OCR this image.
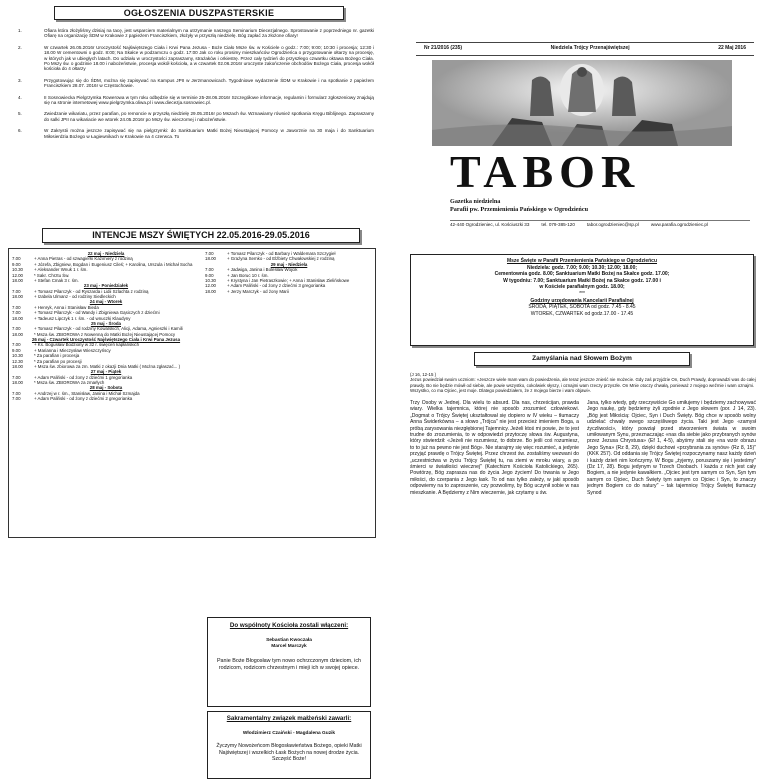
OGŁOSZENIA DUSZPASTERSKIE
1.	Ofiara która złożyliśmy dzisiaj na tacę, jest wsparciem materialnym na utrzymanie naszego Seminarium Diecezjalnego. Sprostowanie z poprzedniego nr. gazetki Ofiarę na organizację ŚDM w Krakowie z pąpieżem Franciszkiem, złożyły w przyszłą niedzielę. Bóg zapłać za złożone ofiary!
2.	W czwartek 26.05.2016r Uroczystość Najświętszego Ciała i Krwi Pana Jezusa - Boże Ciało Msze św. w Kościele o godz.: 7:00; 9:00; 10:30 i procesja; 12:30 i 18.00 W cementowni o godz. 8:00; Na Skałce w podzamczu o godz. 17:00 Jak co roku prosimy mieszkańców Ogrodzieńca o przygotowanie ołtarzy na procesję, w których jak w ubiegłych latach. Do udziału w uroczystości zapraszamy, strażaków i orkiestrę. Przez cały tydzień do przyszłego czwartku oktawa Bożego Ciała. Po Mszy św. o godzinie 18.00 i nabożeństwie, procesja wokół kościoła, a w czwartek 02.06.2016r uroczyste zakończenie obchodów Bożego Ciała, procesja wokół kościoła do 4 ołtarzy
3.	Przygotowując się do ŚDM, można się zapisywać na Kampus JPII w Jerzmanowicach. Tygodniowe wydarzenie ŚDM w Krakowie i na spotkanie z papieżem Franciszkiem 28.07. 2016r w Częstochowie.
4.	II Sosnowiecka Pielgrzymka Rowerowa w tym roku odbędzie się w terminie 25-28.06.2016r Szczegółowe informacje, regulamin i formularz zgłoszeniowy znajdują się na stronie internetowej www.pielgrzymka.oliwa.pl i www.diecezja.sosnowiec.pl.
5.	Zwiedzanie wikariatu, przez parafian, po remoncie w przyszłą niedzielę 29.05.2016r po Mszach św. Wznawiamy również spotkania Kręgu Biblijnego. Zapraszamy do salki JPII na wikariacie we wtorek 24.05.2016r po Mszy św. wieczornej i nabożeństwie.
6.	W Zakrystii można jeszcze zapisywać się na pielgrzymki: do Sanktuarium Matki Bożej Nieustającej Pomocy w Jaworznie na 30 maja i do Sanktuarium Miłosierdzia Bożego w Łagiewnikach w Krakowie na 4 czerwca. To
INTENCJE MSZY ŚWIĘTYCH 22.05.2016-29.05.2016
22 maj - Niedziela
7.00	+ Anna Pietras - od szwagierki Kazimiery z rodziną
9.00	+ Józefa, Zbigniew, Bogdan i Eugeniusz Cileś; + Karolina, Urszula i Michał Socha
10.30	+ Aleksander Wnuk 1 r. śm.
12.00	* Sakr. Chrztu Św.
18.00	+ Stefan Cmak 3 r. śm.
23 maj - Poniedziałek
7.00	+ Tomasz Pilarczyk - od Ryszarda i Lidii Szlachta z rodziną
18.00	+ Izabela Ulmanz - od rodziny Siedleckich
24 maj - Wtorek
7.00	+ Henryk, Anna i Stanisław Bieda
7.00	+ Tomasz Pilarczyk - od Wandy i Zbigniewa Gąsiczych z dziećmi
18.00	+ Tadeusz Lipczyk 1 r. śm. - od wnuczki Klaudyny
25 maj - Środa
7.00	+ Tomasz Pilarczyk - od rodziny Kowalskich, Alicji, Adama, Agnieszki i Kamili
18.00	* Msza św. ZBIOROWA z Nowenną do Matki Bożej Nieustającej Pomocy
26 maj - Czwartek Uroczystość Najświętszego Ciała i Krwi Pana Jezusa
7.00	+ Ks. Bogusław Bodziony w 32 r. święceń kapłańskich
9.00	+ Marianna i Mieczysław Wieszczyńscy
10.30	* Za parafian i procesja
12.30	* Za parafian po procesji
18.00	+ Msza św. zbiorowa za zm. Matki z okazji Dnia Matki ( Można zgłaszać... )
27 maj - Piątek
7.00	+ Adam Paliński - od żony z dziećmi 1 gregorianka
18.00	* Msza św. ZBIOROWA za zmarłych
28 maj - Sobota
7.00	+ Andrzej w r. śm., Stanisław, Janina i Michał Szmajda
7.00	+ Adam Paliński - od żony z dziećmi 2 gregorianka
7.00	+ Tomasz Pilarczyk - od Barbary i Waldemara Szczygieł
18.00	+ Grażyna Semko - od Elżbiety Chwałowskiej z rodziną
29 maj - Niedziela
7.00	+ Jadwiga, Janina i Bolesław Wójcik
9.00	+ Jan Boruc 10 r. śm.
10.30	+ Krystyna i Jan Pietraszkowie; + Anna i Stanisław Zielińskowe
12.00	+ Adam Paliński - od żony z dziećmi 3 gregorianka
18.00	+ Jerzy Marczyk - od żony Marii
Do wspólnoty Kościoła zostali włączeni:
Sebastian Kwoczała
Marcel Marczyk
Panie Boże Błogosław tym nowo ochrzczonym dzieciom, ich rodzicom, rodzicom chrzestnym i mieji ich w swojej opiece.
Sakramentalny związek małżeński zawarli:
Włodzimierz Czaiński - Magdalena Guzik
Życzymy Nowożeńcom Błogosławieństwa Bożego, opieki Matki Najświętszej i wszelkich Łask Bożych na nowej drodze życia. Szczęść Boże!
Nr 21/2016 (235)	Niedziela Trójcy Przenajświętszej	22 Maj 2016
TABOR
Gazetka niedzielna
Parafii pw. Przemienienia Pańskiego w Ogrodzieńcu
42-440 Ogrodzieniec, ul. Kościuszki 33	tel. 079-385-120	tabor.ogrodzieniec@sp.pl	www.parafia.ogrodzieniec.pl
Msze Święte w Parafii Przemienienia Pańskiego w Ogrodzieńcu
Niedziela: godz. 7.00; 9.00; 10.30; 12.00; 18.00;
Cementownia godz. 8.00; Sanktuarium Matki Bożej na Skałce godz. 17.00;
W tygodniu: 7.00; Sanktuarium Matki Bożej na Skałce godz. 17.00 i
w Kościele parafialnym godz. 18.00;
***
Godziny urzędowania Kancelarii Parafialnej
ŚRODA, PIĄTEK, SOBOTA od godz. 7.45 - 8.45
WTOREK, CZWARTEK od godz.17.00 - 17.45
Zamyślania nad Słowem Bożym
(J 16, 12-15 )
Jezus powiedział swoim uczniom: «Jeszcze wiele mam wam do powiedzenia, ale teraz jeszcze znieść nie możecie. Gdy zaś przyjdzie On, Duch Prawdy, doprowadzi was do całej prawdy. Bo nie będzie mówił od siebie, ale powie wszystko, cokolwiek słyszy, i oznajmi wam rzeczy przyszłe. On Mnie otoczy chwałą, ponieważ z mojego weźmie i wam oznajmi. Wszystko, co ma Ojciec, jest moje. Dlatego powiedziałem, że z mojego bierze i wam objawi».
Trzy Osoby w Jednej. Dla wielu to absurd. Dla nas, chrześcijan, prawda wiary. Wielka tajemnica, której nie sposób zrozumieć człowiekowi. „Dogmat o Trójcy Świętej ukształtował się dopiero w IV wieku – tłumaczy Anna Świderkówna – a słowo „Trójca" nie jest przecież imieniem Boga, a próbą zarysowania niezgłębionej Tajemnicy. Jeżeli ktoś mi powie, że to jest trudne do zrozumienia, to w odpowiedzi przytoczę słowa św. Augustyna, który stwierdził: «Jeżeli nie rozumiesz, to dobrze. Bo jeśli coś rozumiesz, to to już na pewno nie jest Bóg». Nie starajmy się więc rozumieć, a jedynie przyjąć prawdę o Trójcy Świętej. Przez chrzest św. zostaliśmy wezwani do „uczestnictwa w życiu Trójcy Świętej tu, na ziemi w mroku wiary, a po śmierci w światłości wiecznej" (Katechizm Kościoła Katolickiego, 265). Powtórzę, Bóg zaprasza nas do życia Jego życiem! Do trwania w Jego miłości, do czerpania z Jego łask. To od nas tylko zależy, w jaki sposób odpowiemy na to zaproszenie, czy pozwolimy, by Bóg uczynił sobie w nas mieszkanie. A Będziemy z Nim wieczernie, jak czytamy u św.
Jana, tylko wtedy, gdy rzeczywiście Go umiłujemy i będziemy zachowywać Jego naukę, gdy będziemy żyli zgodnie z Jego słowem (por. J 14, 23). „Bóg jest Miłością: Ojciec, Syn i Duch Święty. Bóg chce w sposób wolny udzielać chwały swego szczęśliwego życia. Taki jest Jego «zamysł życzliwości», który powziął przed stworzeniem świata w swoim umiłowanym Synu, przeznaczając «nas dla siebie jako przybranych synów przez Jezusa Chrystusa» (Ef 1, 4-5), abyśmy stali się «na wzór obrazu Jego Syna» (Rz 8, 29), dzięki duchowi «przybrania za synów» (Rz 8, 15)" (KKK 257). Od oddania się Trójcy Świętej rozpoczynamy nasz każdy dzień i każdy dzień nim kończymy. W Bogu „żyjemy, poruszamy się i jesteśmy" (Dz 17, 28). Bogu jedynym w Trzech Osobach. I każda z nich jest cały Bogiem, a nie jedynie kawałkiem. „Ojciec jest tym samym co Syn, Syn tym samym co Ojciec, Duch Święty tym samym co Ojciec i Syn, to znaczy jednym Bogiem co do natury" – tak tajemnicę Trójcy Świętej tłumaczy Synod
